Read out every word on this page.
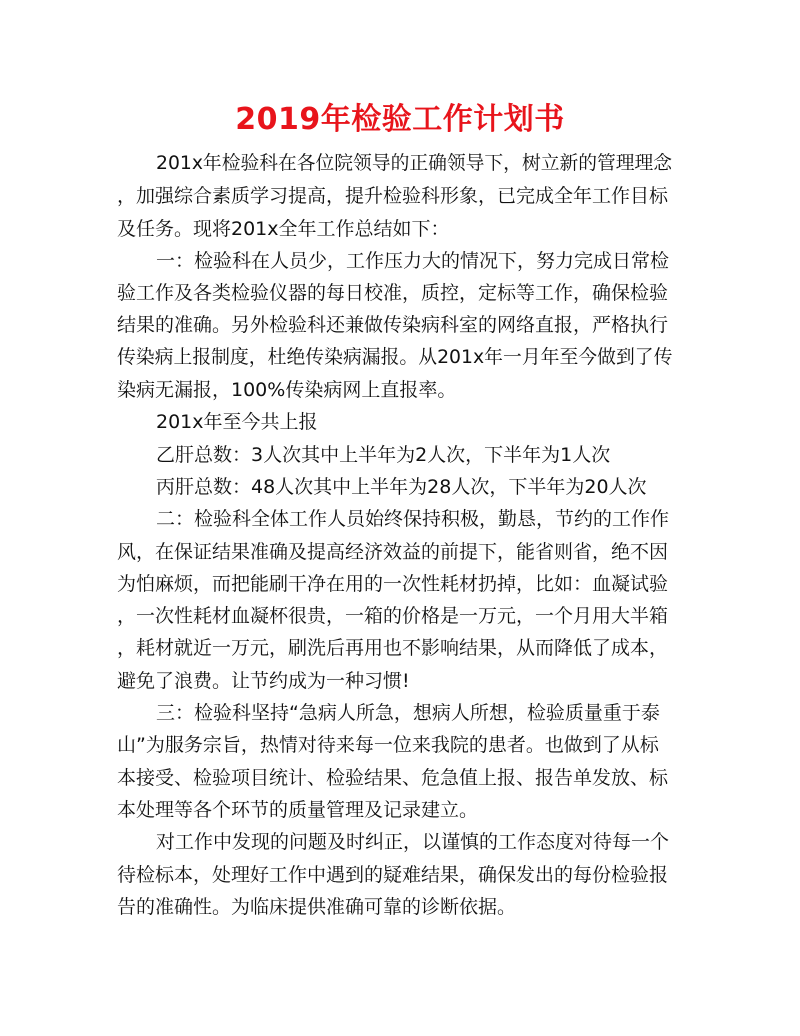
2019年检验工作计划书
201x年检验科在各位院领导的正确领导下，树立新的管理理念
，加强综合素质学习提高，提升检验科形象，已完成全年工作目标
及任务。现将201x全年工作总结如下：
一：检验科在人员少，工作压力大的情况下，努力完成日常检
验工作及各类检验仪器的每日校准，质控，定标等工作，确保检验
结果的准确。另外检验科还兼做传染病科室的网络直报，严格执行
传染病上报制度，杜绝传染病漏报。从201x年一月年至今做到了传
染病无漏报，100%传染病网上直报率。
201x年至今共上报
乙肝总数：3人次其中上半年为2人次，下半年为1人次
丙肝总数：48人次其中上半年为28人次，下半年为20人次
二：检验科全体工作人员始终保持积极，勤恳，节约的工作作
风，在保证结果准确及提高经济效益的前提下，能省则省，绝不因
为怕麻烦，而把能刷干净在用的一次性耗材扔掉，比如：血凝试验
，一次性耗材血凝杯很贵，一箱的价格是一万元，一个月用大半箱
，耗材就近一万元，刷洗后再用也不影响结果，从而降低了成本，
避免了浪费。让节约成为一种习惯!
三：检验科坚持“急病人所急，想病人所想，检验质量重于泰
山”为服务宗旨，热情对待来每一位来我院的患者。也做到了从标
本接受、检验项目统计、检验结果、危急值上报、报告单发放、标
本处理等各个环节的质量管理及记录建立。
对工作中发现的问题及时纠正，以谨慎的工作态度对待每一个
待检标本，处理好工作中遇到的疑难结果，确保发出的每份检验报
告的准确性。为临床提供准确可靠的诊断依据。
